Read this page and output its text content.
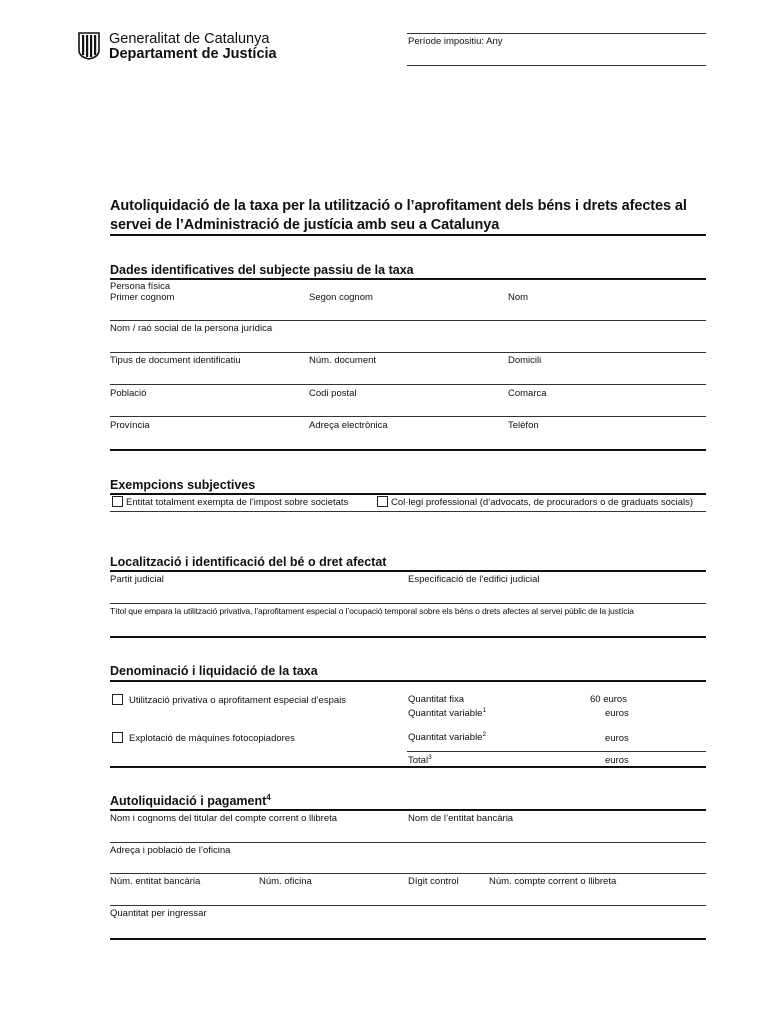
Generalitat de Catalunya
Departament de Justícia
Període impositiu: Any
Autoliquidació de la taxa per la utilització o l’aprofitament dels béns i drets afectes al servei de l’Administració de justícia amb seu a Catalunya
Dades identificatives del subjecte passiu de la taxa
Persona física
Primer cognom	Segon cognom	Nom
Nom / raó social de la persona jurídica
Tipus de document identificatiu	Núm. document	Domicili
Població	Codi postal	Comarca
Província	Adreça electrònica	Telèfon
Exempcions subjectives
Entitat totalment exempta de l’impost sobre societats	Col·legi professional (d’advocats, de procuradors o de graduats socials)
Localització i identificació del bé o dret afectat
Partit judicial	Especificació de l’edifici judicial
Títol que empara la utilització privativa, l’aprofitament especial o l’ocupació temporal sobre els béns o drets afectes al servei públic de la justícia
Denominació i liquidació de la taxa
Utilització privativa o aprofitament especial d’espais	Quantitat fixa	60 euros
Quantitat variable$^1$	euros
Explotació de màquines fotocopiadores	Quantitat variable$^2$	euros
Total$^3$	euros
Autoliquidació i pagament$^4$
Nom i cognoms del titular del compte corrent o llibreta	Nom de l’entitat bancària
Adreça i població de l’oficina
Núm. entitat bancària	Núm. oficina	Dígit control	Núm. compte corrent o llibreta
Quantitat per ingressar
